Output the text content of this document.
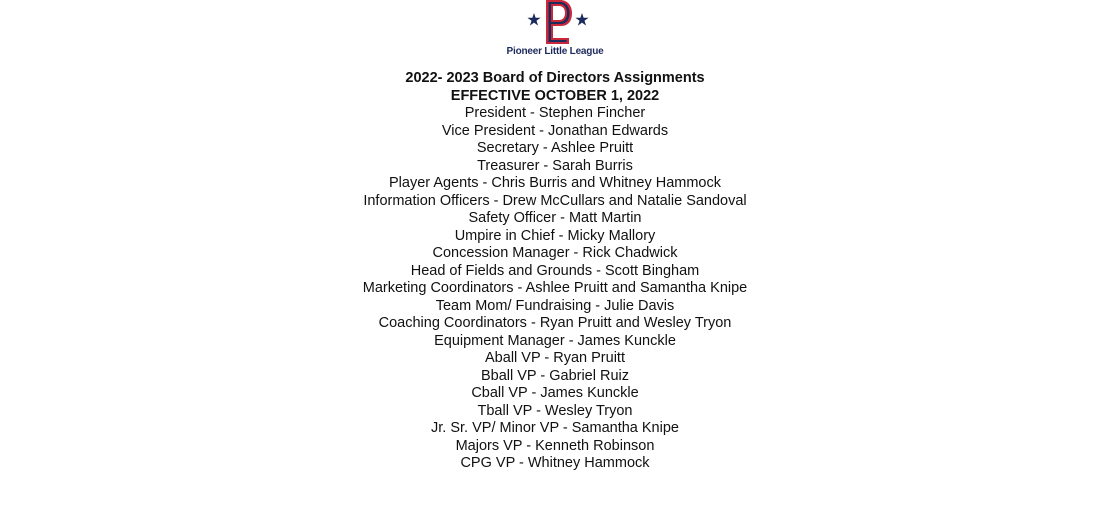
Pioneer Little League
2022- 2023 Board of Directors Assignments
EFFECTIVE OCTOBER 1, 2022
President - Stephen Fincher
Vice President - Jonathan Edwards
Secretary - Ashlee Pruitt
Treasurer - Sarah Burris
Player Agents - Chris Burris and Whitney Hammock
Information Officers - Drew McCullars and Natalie Sandoval
Safety Officer - Matt Martin
Umpire in Chief - Micky Mallory
Concession Manager - Rick Chadwick
Head of Fields and Grounds - Scott Bingham
Marketing Coordinators - Ashlee Pruitt and Samantha Knipe
Team Mom/ Fundraising - Julie Davis
Coaching Coordinators - Ryan Pruitt and Wesley Tryon
Equipment Manager - James Kunckle
Aball VP - Ryan Pruitt
Bball VP - Gabriel Ruiz
Cball VP - James Kunckle
Tball VP - Wesley Tryon
Jr. Sr. VP/ Minor VP - Samantha Knipe
Majors VP - Kenneth Robinson
CPG VP - Whitney Hammock
